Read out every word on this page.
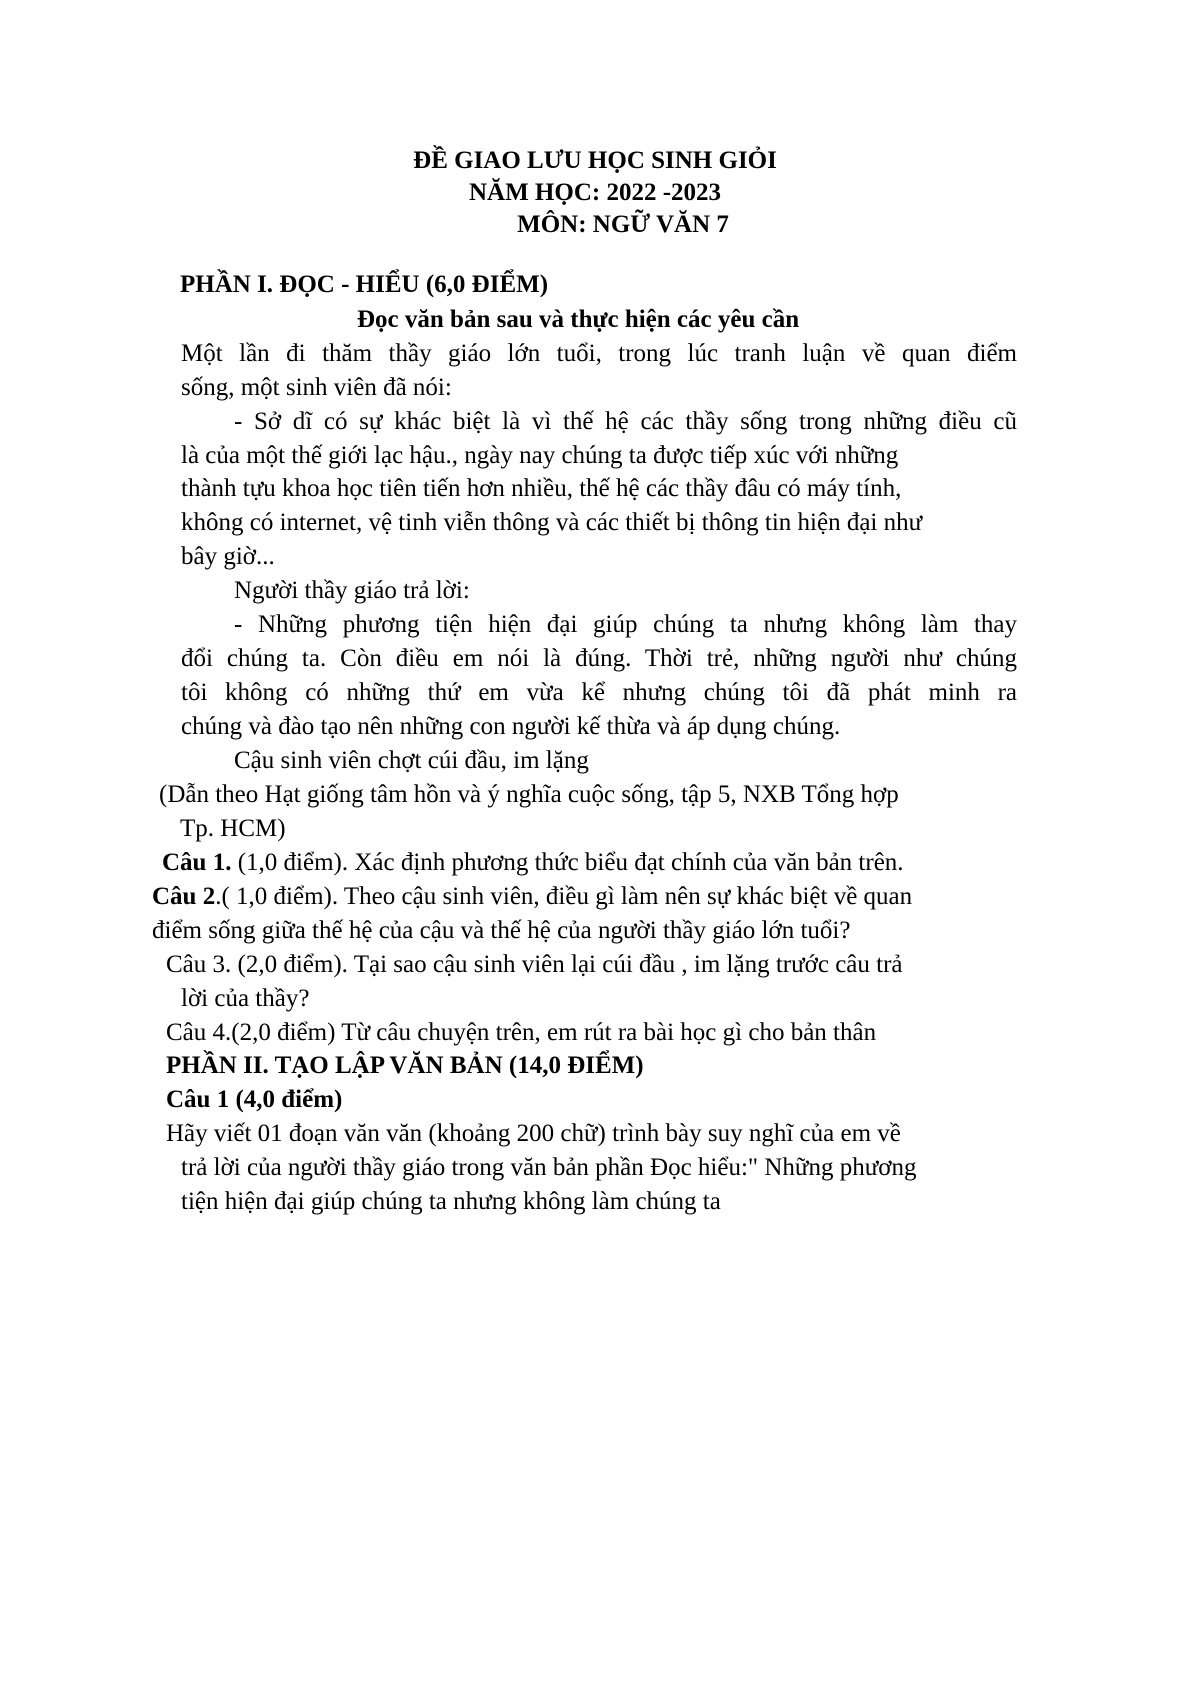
ĐỀ GIAO LƯU HỌC SINH GIỎI
NĂM HỌC: 2022 -2023
MÔN: NGỮ VĂN 7
PHẦN I. ĐỌC - HIỂU (6,0 ĐIỂM)
Đọc văn bản sau và thực hiện các yêu cần
Một lần đi thăm thầy giáo lớn tuổi, trong lúc tranh luận về quan điểm
sống, một sinh viên đã nói:
- Sở dĩ có sự khác biệt là vì thế hệ các thầy sống trong những điều cũ
là của một thế giới lạc hậu., ngày nay chúng ta được tiếp xúc với những
thành tựu khoa học tiên tiến hơn nhiều, thế hệ các thầy đâu có máy tính,
không có internet, vệ tinh viễn thông và các thiết bị thông tin hiện đại như
bây giờ...
Người thầy giáo trả lời:
- Những phương tiện hiện đại giúp chúng ta nhưng không làm thay
đổi chúng ta. Còn điều em nói là đúng. Thời trẻ, những người như chúng
tôi không có những thứ em vừa kể nhưng chúng tôi đã phát minh ra
chúng và đào tạo nên những con người kế thừa và áp dụng chúng.
Cậu sinh viên chợt cúi đầu, im lặng
(Dẫn theo Hạt giống tâm hồn và ý nghĩa cuộc sống, tập 5, NXB Tổng hợp
Tp. HCM)
Câu 1. (1,0 điểm). Xác định phương thức biểu đạt chính của văn bản trên.
Câu 2.( 1,0 điểm). Theo cậu sinh viên, điều gì làm nên sự khác biệt về quan
điểm sống giữa thế hệ của cậu và thế hệ của người thầy giáo lớn tuổi?
Câu 3. (2,0 điểm). Tại sao cậu sinh viên lại cúi đầu , im lặng trước câu trả
lời của thầy?
Câu 4.(2,0 điểm) Từ câu chuyện trên, em rút ra bài học gì cho bản thân
PHẦN II. TẠO LẬP VĂN BẢN (14,0 ĐIỂM)
Câu 1 (4,0 điểm)
Hãy viết 01 đoạn văn văn (khoảng 200 chữ) trình bày suy nghĩ của em về
trả lời của người thầy giáo trong văn bản phần Đọc hiểu:" Những phương
tiện hiện đại giúp chúng ta nhưng không làm chúng ta
